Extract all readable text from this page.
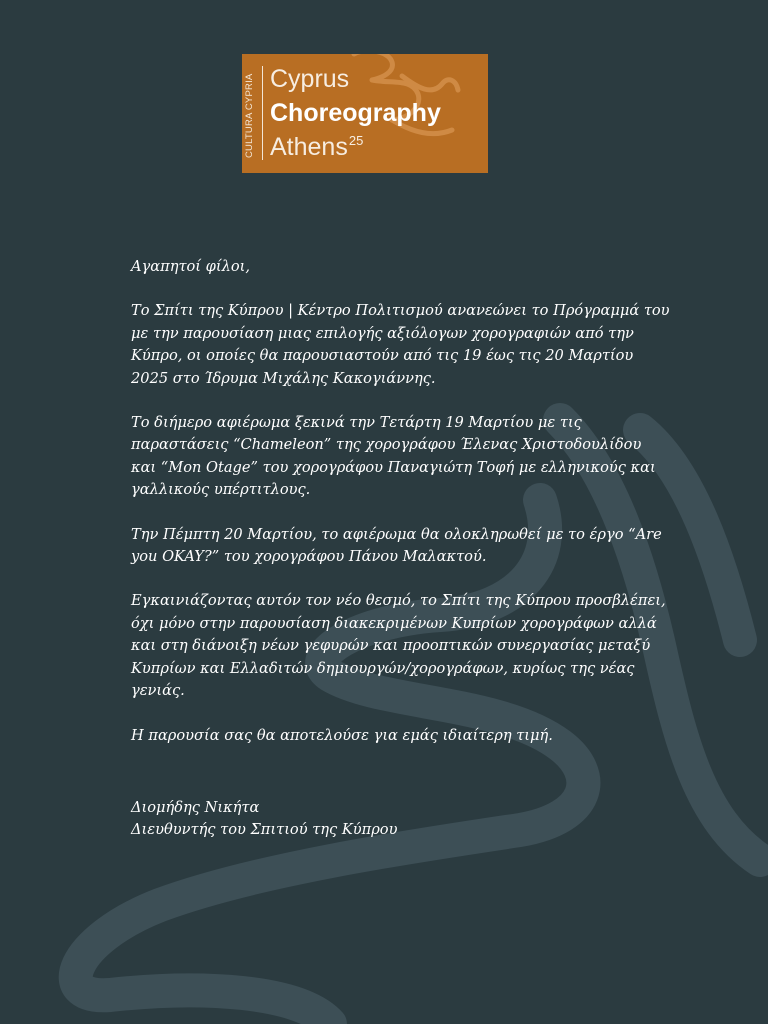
CULTURA CYPRIA Cyprus
Choreography
Athens$^{25}$

Αγαπητοί φίλοι,

Το Σπίτι της Κύπρου | Κέντρο Πολιτισμού ανανεώνει το Πρόγραμμά του με την παρουσίαση μιας επιλογής αξιόλογων χορογραφιών από την Κύπρο, οι οποίες θα παρουσιαστούν από τις 19 έως τις 20 Μαρτίου 2025 στο Ίδρυμα Μιχάλης Κακογιάννης.

Το διήμερο αφιέρωμα ξεκινά την Τετάρτη 19 Μαρτίου με τις παραστάσεις “Chameleon” της χορογράφου Έλενας Χριστοδουλίδου και “Mon Otage” του χορογράφου Παναγιώτη Τοφή με ελληνικούς και γαλλικούς υπέρτιτλους.

Την Πέμπτη 20 Μαρτίου, το αφιέρωμα θα ολοκληρωθεί με το έργο “Are you OKAY?” του χορογράφου Πάνου Μαλακτού.

Εγκαινιάζοντας αυτόν τον νέο θεσμό, το Σπίτι της Κύπρου προσβλέπει, όχι μόνο στην παρουσίαση διακεκριμένων Κυπρίων χορογράφων αλλά και στη διάνοιξη νέων γεφυρών και προοπτικών συνεργασίας μεταξύ Κυπρίων και Ελλαδιτών δημιουργών/χορογράφων, κυρίως της νέας γενιάς.

Η παρουσία σας θα αποτελούσε για εμάς ιδιαίτερη τιμή.

Διομήδης Νικήτα
Διευθυντής του Σπιτιού της Κύπρου
